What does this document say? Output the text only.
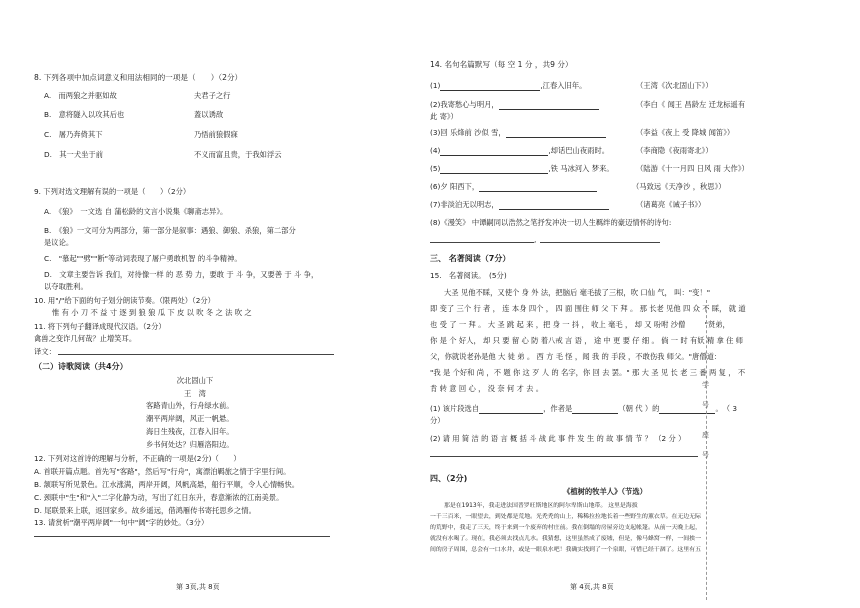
8. 下列各项中加点词意义和用法相同的一项是（　　）（2分）
A.　而两狼之并驱如故	夫君子之行
B.　意将隧入以攻其后也	蓋以诱敌
C.　屠乃奔倚其下	乃悟前狼假寐
D.　其一犬坐于前	不义而富且贵，于我如浮云
9. 下列对选文理解有误的一项是（　　）（2分）
A.　《狼》　一文选 自 蒲松龄的文言小说集《聊斋志异》。
B.　《狼》一文可分为两部分，第一部分是叙事：遇狼、御狼、杀狼，第二部分
是议论。
C.　"慕起""劈""断"等动词表现了屠户勇敢机智 的斗争精神。
D.　文章主要告诉 我们，对待像一样 的 恶 势 力，要敢 于 斗 争，又要善 于 斗 争，
以夺取胜利。
10. 用"/"给下面的句子划分朗读节奏。（限两处）（2分）
惟 有 小 刀 不 益 寸 逐 到 狼 狼 瓜 下 皮 以 吹 冬 之 法 吹 之
11. 将下列句子翻译成现代汉语。（2分）
禽兽之变诈几何哉？止增笑耳。
译文：
（二）诗歌阅读（共4分）
次北固山下
王　湾
客路青山外，行舟绿水前。
潮平两岸阔，风正一帆悬。
海日生残夜，江春入旧年。
乡书何处达？归雁洛阳边。
12. 下列对这首诗的理解与分析，不正确的一项是(2分)（　　）
A. 首联开篇点题。首先写"客路"，然后写"行舟"，寓漂泊羁旅之情于字里行间。
B. 颔联写所见景色。江水涨满，两岸开阔，风帆高悬，船行平顺，令人心情畅快。
C. 颈联中"生"和"入"二字化静为动，写出了红日东升，春意渐浓的江南美景。
D. 尾联景来上联，返回家乡。故乡遥远，借鸿雁传书寄托思乡之情。
13. 请赏析"潮平两岸阔"一句中"阔"字的妙处。（3分）
第 3页,共 8页
14. 名句名篇默写（每 空 1 分 ，共9 分）
(1)	,江春入旧年。	（王湾《次北固山下》）
(2)我寄愁心与明月，	（李白《 闻王 昌龄左 迁龙标遥有
此 寄》）
(3)回 乐烽前 沙似 雪，	（李益《夜上 受 降城 闻笛》）
(4)	,却话巴山夜雨时。	（李商隐《夜雨寄北》）
(5)	,铁 马冰河入 梦来。	（陆游《十一月四 日风 雨 大作》）
(6)夕 阳西下，	（马致远《天净沙 ，秋思》）
(7)非淡泊无以明志，	（诸葛亮《诫子书》）
(8)《漫笑》 中谭嗣同以浩然之笔抒发冲决一切人生羁绊的豪迈情怀的诗句:
,
三、 名著阅读（7分）
15.　名著阅读。　(5分)
大圣 见他不睬，又使个 身 外 法，把脑后 毫毛拔了三根，吹 口仙 气， 叫："变！"
即 变了 三个 行 者 ， 连 本身 四个 ， 四 面 围住 师 父 下 拜 。 那 长老 见他 四 众 不 睬， 就 道
也 受 了 一 拜 。 大 圣 跳 起 来 ，把 身 一 抖 ， 收上 毫毛 ， 却 又 吩咐 沙僧 　　 "贤弟，
你 是 个 好人， 却 只 要 留 心 防 着八戒 言 语 ， 途 中 更 要 仔 细 。 倘 一 时 有妖 精 拿 住 师
父，你就说老孙是他 大 徒 弟 。 西 方 毛 怪 ，闻 我 的 手段 ，不敢伤我 师父。"唐僧道：
"我 是 个好和 尚 ，不 题 你 这 歹 人 的 名字，你 回 去 罢。" 那 大 圣 见 长 老 三 番 两 复 ， 不
肯 转 意 回 心 ， 没 奈 何 才 去 。
(1) 该片段选自	，作者是	（朝 代 ）的	。　（ 3
分）
(2) 请 用 简 洁 的 语 言 概 括 斗 战 此 事 件 发 生 的 故 事 情 节 ？ （2 分 ）
四、（2分)
《植树的牧羊人》（节选）
那是在1913年，我走进法国普罗旺斯地区的阿尔卑斯山地带。 这里是海拔
一千三百米，一眼望去，到处都是荒地。光秃秃的山上，稀稀拉拉地长着一些野生的薰衣草。在无边无际
的荒野中，我走了三天，终于来到一个废弃的村庄前。我在倒塌的房屋旁边支起帐篷。从前一天晚上起，
就没有水喝了。现在，我必须去找点儿水。我猜想，这里虽然成了废墟，但是，像马蜂窝一样，一间挨一
间的房子周围，总会有一口水井，或是一眼泉水吧！我确实找到了一个泉眼，可惜已经干涸了。这里有五
第 4页,共 8页
学
号
座
号
